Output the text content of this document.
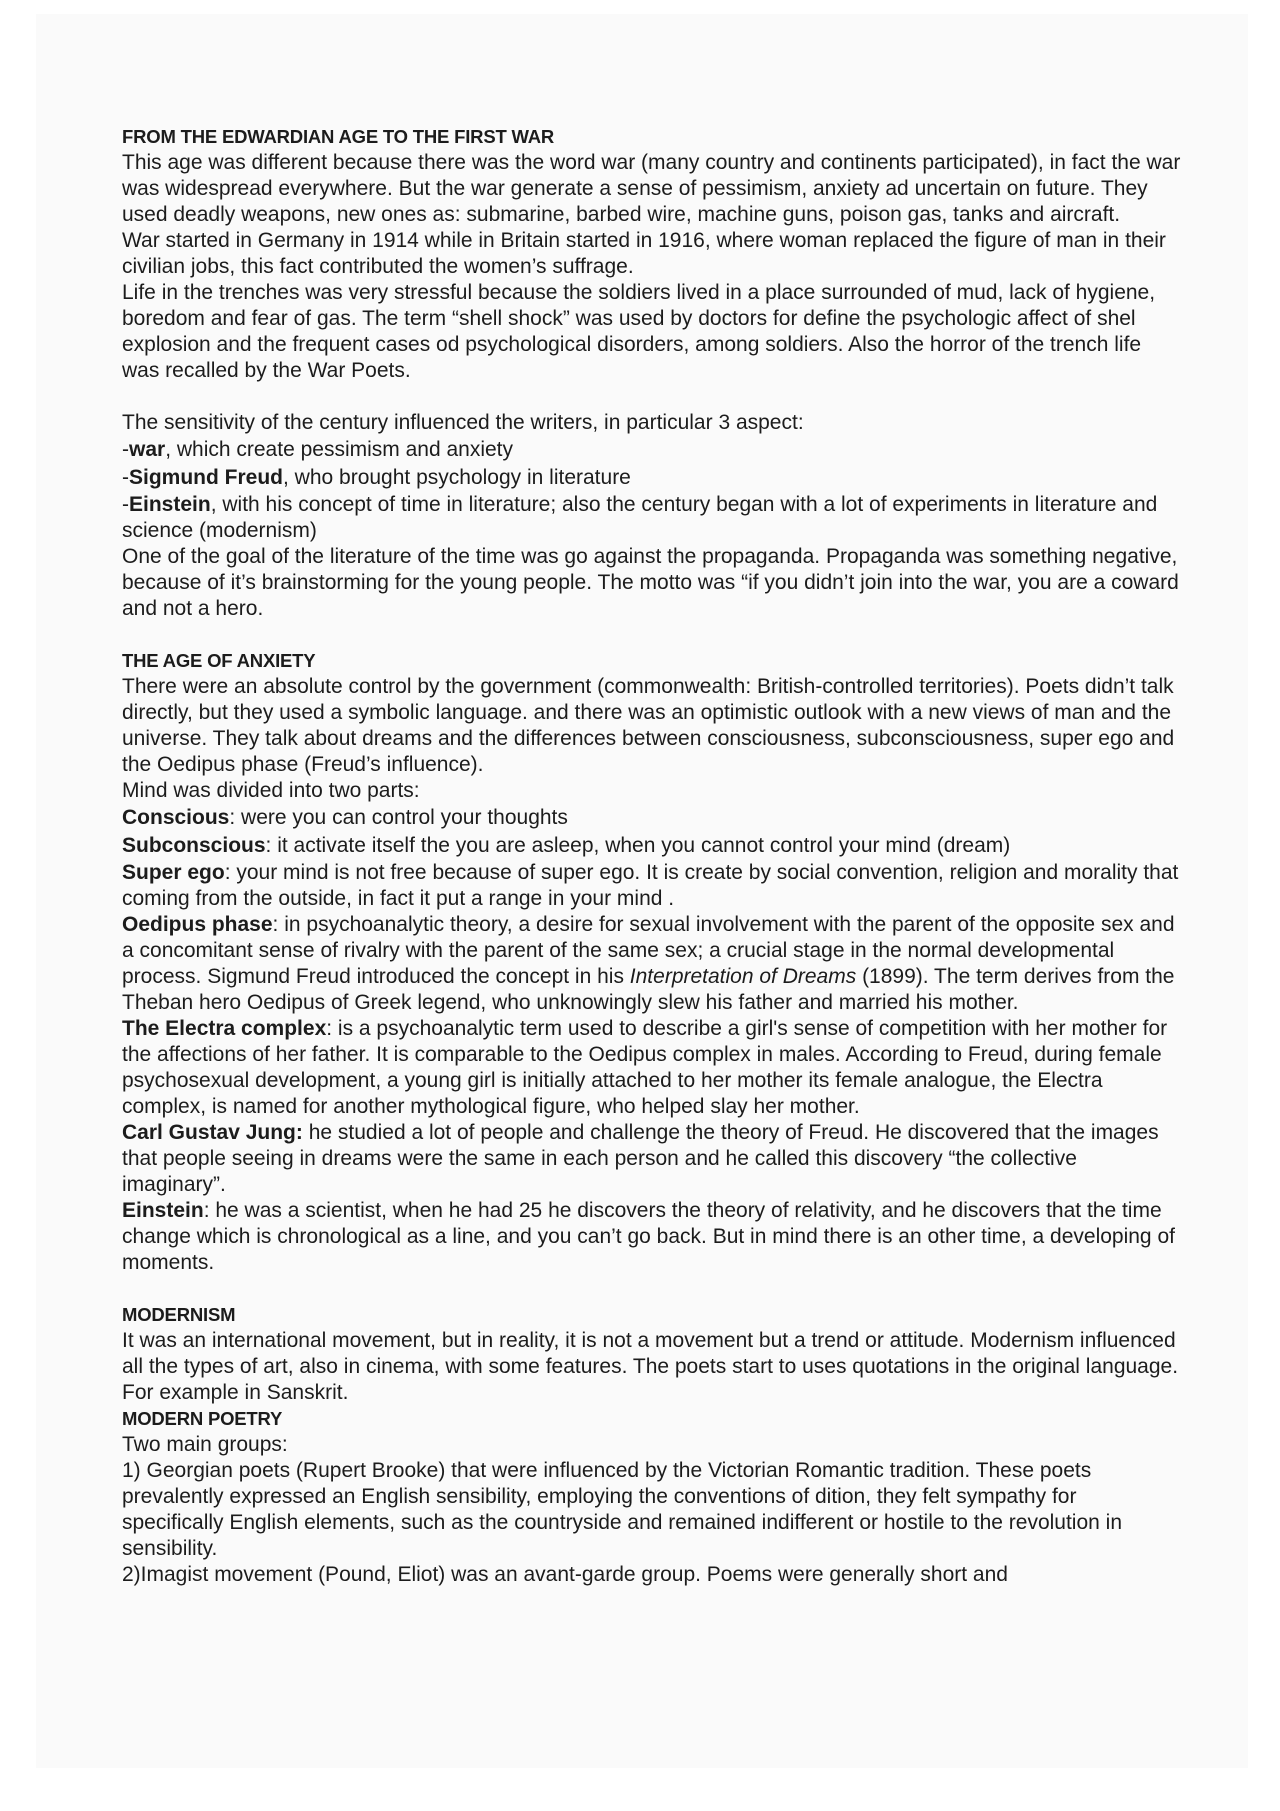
FROM THE EDWARDIAN AGE TO THE FIRST WAR

This age was different because there was the word war (many country and continents participated), in fact the war was widespread everywhere. But the war generate a sense of pessimism, anxiety ad uncertain on future. They used deadly weapons, new ones as: submarine, barbed wire, machine guns, poison gas, tanks and aircraft.

War started in Germany in 1914 while in Britain started in 1916, where woman replaced the figure of man in their civilian jobs, this fact contributed the women’s suffrage.

Life in the trenches was very stressful because the soldiers lived in a place surrounded of mud, lack of hygiene, boredom and fear of gas. The term “shell shock” was used by doctors for define the psychologic affect of shel explosion and the frequent cases od psychological disorders, among soldiers. Also the horror of the trench life was recalled by the War Poets.

The sensitivity of the century influenced the writers, in particular 3 aspect:

-war, which create pessimism and anxiety

-Sigmund Freud, who brought psychology in literature

-Einstein, with his concept of time in literature; also the century began with a lot of experiments in literature and science (modernism)

One of the goal of the literature of the time was go against the propaganda. Propaganda was something negative, because of it’s brainstorming for the young people. The motto was “if you didn’t join into the war, you are a coward and not a hero.

THE AGE OF ANXIETY

There were an absolute control by the government (commonwealth: British-controlled territories). Poets didn’t talk directly, but they used a symbolic language. and there was an optimistic outlook with a new views of man and the universe. They talk about dreams and the differences between consciousness, subconsciousness, super ego and the Oedipus phase (Freud’s influence).

Mind was divided into two parts:

Conscious: were you can control your thoughts

Subconscious: it activate itself the you are asleep, when you cannot control your mind (dream)

Super ego: your mind is not free because of super ego. It is create by social convention, religion and morality that coming from the outside, in fact it put a range in your mind .

Oedipus phase: in psychoanalytic theory, a desire for sexual involvement with the parent of the opposite sex and a concomitant sense of rivalry with the parent of the same sex; a crucial stage in the normal developmental process. Sigmund Freud introduced the concept in his Interpretation of Dreams (1899). The term derives from the Theban hero Oedipus of Greek legend, who unknowingly slew his father and married his mother.

The Electra complex: is a psychoanalytic term used to describe a girl's sense of competition with her mother for the affections of her father. It is comparable to the Oedipus complex in males. According to Freud, during female psychosexual development, a young girl is initially attached to her mother its female analogue, the Electra complex, is named for another mythological figure, who helped slay her mother.

Carl Gustav Jung: he studied a lot of people and challenge the theory of Freud. He discovered that the images that people seeing in dreams were the same in each person and he called this discovery “the collective imaginary”.

Einstein: he was a scientist, when he had 25 he discovers the theory of relativity, and he discovers that the time change which is chronological as a line, and you can’t go back. But in mind there is an other time, a developing of moments.

MODERNISM

It was an international movement, but in reality, it is not a movement but a trend or attitude. Modernism influenced all the types of art, also in cinema, with some features. The poets start to uses quotations in the original language. For example in Sanskrit.

MODERN POETRY

Two main groups:

1) Georgian poets (Rupert Brooke) that were influenced by the Victorian Romantic tradition. These poets prevalently expressed an English sensibility, employing the conventions of dition, they felt sympathy for specifically English elements, such as the countryside and remained indifferent or hostile to the revolution in sensibility.

2)Imagist movement (Pound, Eliot) was an avant-garde group. Poems were generally short and
